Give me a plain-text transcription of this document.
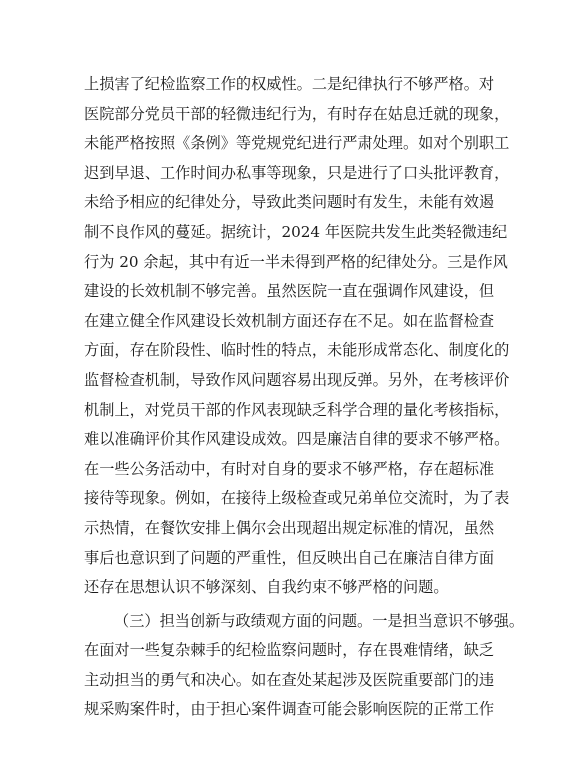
上损害了纪检监察工作的权威性。二是纪律执行不够严格。对
医院部分党员干部的轻微违纪行为，有时存在姑息迁就的现象，
未能严格按照《条例》等党规党纪进行严肃处理。如对个别职工
迟到早退、工作时间办私事等现象，只是进行了口头批评教育，
未给予相应的纪律处分，导致此类问题时有发生，未能有效遏
制不良作风的蔓延。据统计，2024 年医院共发生此类轻微违纪
行为 20 余起，其中有近一半未得到严格的纪律处分。三是作风
建设的长效机制不够完善。虽然医院一直在强调作风建设，但
在建立健全作风建设长效机制方面还存在不足。如在监督检查
方面，存在阶段性、临时性的特点，未能形成常态化、制度化的
监督检查机制，导致作风问题容易出现反弹。另外，在考核评价
机制上，对党员干部的作风表现缺乏科学合理的量化考核指标，
难以准确评价其作风建设成效。四是廉洁自律的要求不够严格。
在一些公务活动中，有时对自身的要求不够严格，存在超标准
接待等现象。例如，在接待上级检查或兄弟单位交流时，为了表
示热情，在餐饮安排上偶尔会出现超出规定标准的情况，虽然
事后也意识到了问题的严重性，但反映出自己在廉洁自律方面
还存在思想认识不够深刻、自我约束不够严格的问题。
（三）担当创新与政绩观方面的问题。一是担当意识不够强。
在面对一些复杂棘手的纪检监察问题时，存在畏难情绪，缺乏
主动担当的勇气和决心。如在查处某起涉及医院重要部门的违
规采购案件时，由于担心案件调查可能会影响医院的正常工作
